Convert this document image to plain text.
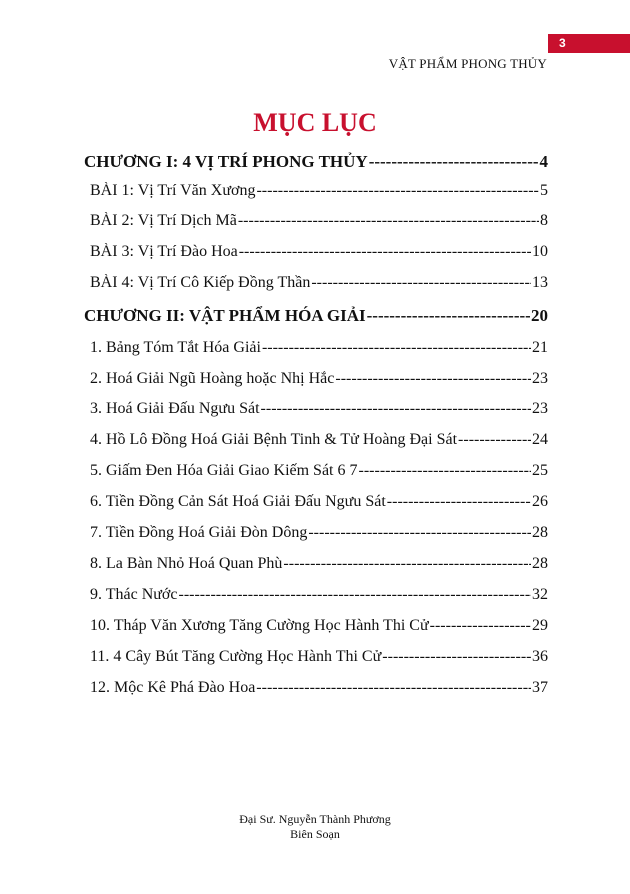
3
VẬT PHẨM PHONG THỦY
MỤC LỤC
CHƯƠNG I: 4 VỊ TRÍ PHONG THỦY -----	4
BÀI 1: Vị Trí Văn Xương -----	5
BÀI 2: Vị Trí Dịch Mã -----	8
BÀI 3: Vị Trí Đào Hoa -----	10
BÀI 4: Vị Trí Cô Kiếp Đồng Thần -----	13
CHƯƠNG II: VẬT PHẨM HÓA GIẢI -----	20
1. Bảng Tóm Tắt Hóa Giải -----	21
2. Hoá Giải Ngũ Hoàng hoặc Nhị Hắc -----	23
3. Hoá Giải Đấu Ngưu Sát -----	23
4. Hồ Lô Đồng Hoá Giải Bệnh Tinh & Tử Hoàng Đại Sát -----	24
5. Giấm Đen Hóa Giải Giao Kiếm Sát 6 7 -----	25
6. Tiền Đồng Cản Sát Hoá Giải Đấu Ngưu Sát -----	26
7. Tiền Đồng Hoá Giải Đòn Dông -----	28
8. La Bàn Nhỏ Hoá Quan Phù -----	28
9. Thác Nước -----	32
10. Tháp Văn Xương Tăng Cường Học Hành Thi Cử -----	29
11. 4 Cây Bút Tăng Cường Học Hành Thi Cử -----	36
12. Mộc Kê Phá Đào Hoa -----	37
Đại Sư. Nguyễn Thành Phương
Biên Soạn
